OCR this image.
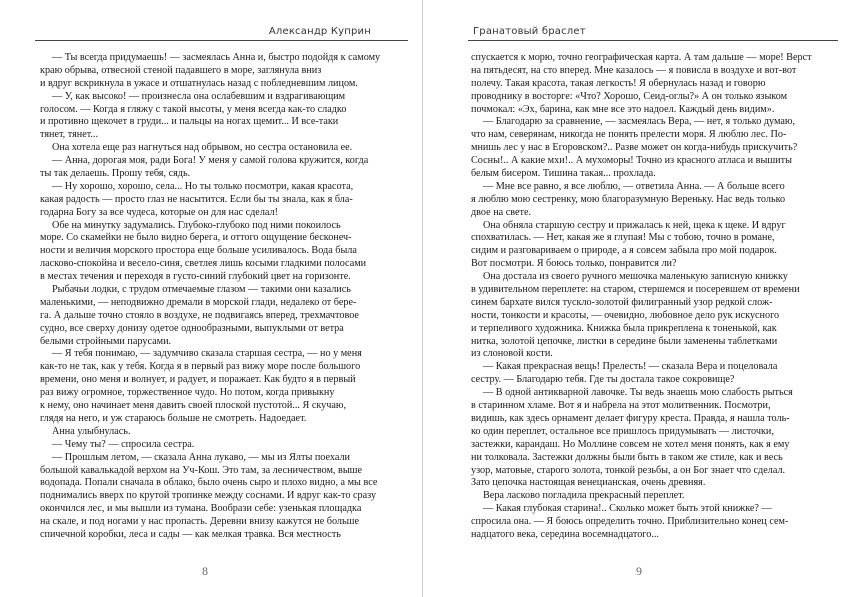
Александр Куприн
— Ты всегда придумаешь! — засмеялась Анна и, быстро подойдя к самому
краю обрыва, отвесной стеной падавшего в море, заглянула вниз
и вдруг вскрикнула в ужасе и отшатнулась назад с побледневшим лицом.
— У, как высоко! — произнесла она ослабевшим и вздрагивающим
голосом. — Когда я гляжу с такой высоты, у меня всегда как-то сладко
и противно щекочет в груди... и пальцы на ногах щемит... И все-таки
тянет, тянет...
Она хотела еще раз нагнуться над обрывом, но сестра остановила ее.
— Анна, дорогая моя, ради Бога! У меня у самой голова кружится, когда
ты так делаешь. Прошу тебя, сядь.
— Ну хорошо, хорошо, села... Но ты только посмотри, какая красота,
какая радость — просто глаз не насытится. Если бы ты знала, как я бла-
годарна Богу за все чудеса, которые он для нас сделал!
Обе на минутку задумались. Глубоко-глубоко под ними покоилось
море. Со скамейки не было видно берега, и оттого ощущение бесконеч-
ности и величия морского простора еще больше усиливалось. Вода была
ласково-спокойна и весело-синя, светлея лишь косыми гладкими полосами
в местах течения и переходя в густо-синий глубокий цвет на горизонте.
Рыбачьи лодки, с трудом отмечаемые глазом — такими они казались
маленькими, — неподвижно дремали в морской глади, недалеко от бере-
га. А дальше точно стояло в воздухе, не подвигаясь вперед, трехмачтовое
судно, все сверху донизу одетое однообразными, выпуклыми от ветра
белыми стройными парусами.
— Я тебя понимаю, — задумчиво сказала старшая сестра, — но у меня
как-то не так, как у тебя. Когда я в первый раз вижу море после большого
времени, оно меня и волнует, и радует, и поражает. Как будто я в первый
раз вижу огромное, торжественное чудо. Но потом, когда привыкну
к нему, оно начинает меня давить своей плоской пустотой... Я скучаю,
глядя на него, и уж стараюсь больше не смотреть. Надоедает.
Анна улыбнулась.
— Чему ты? — спросила сестра.
— Прошлым летом, — сказала Анна лукаво, — мы из Ялты поехали
большой кавалькадой верхом на Уч-Кош. Это там, за лесничеством, выше
водопада. Попали сначала в облако, было очень сыро и плохо видно, а мы все
поднимались вверх по крутой тропинке между соснами. И вдруг как-то сразу
окончился лес, и мы вышли из тумана. Вообрази себе: узенькая площадка
на скале, и под ногами у нас пропасть. Деревни внизу кажутся не больше
спичечной коробки, леса и сады — как мелкая травка. Вся местность
8
Гранатовый браслет
спускается к морю, точно географическая карта. А там дальше — море! Верст
на пятьдесят, на сто вперед. Мне казалось — я повисла в воздухе и вот-вот
полечу. Такая красота, такая легкость! Я обернулась назад и говорю
проводнику в восторге: «Что? Хорошо, Сеид-оглы?» А он только языком
почмокал: «Эх, барина, как мне все это надоел. Каждый день видим».
— Благодарю за сравнение, — засмеялась Вера, — нет, я только думаю,
что нам, северянам, никогда не понять прелести моря. Я люблю лес. По-
мнишь лес у нас в Егоровском?.. Разве может он когда-нибудь прискучить?
Сосны!.. А какие мхи!.. А мухоморы! Точно из красного атласа и вышиты
белым бисером. Тишина такая... прохлада.
— Мне все равно, я все люблю, — ответила Анна. — А больше всего
я люблю мою сестренку, мою благоразумную Вереньку. Нас ведь только
двое на свете.
Она обняла старшую сестру и прижалась к ней, щека к щеке. И вдруг
спохватилась. — Нет, какая же я глупая! Мы с тобою, точно в романе,
сидим и разговариваем о природе, а я совсем забыла про мой подарок.
Вот посмотри. Я боюсь только, понравится ли?
Она достала из своего ручного мешочка маленькую записную книжку
в удивительном переплете: на старом, стершемся и посеревшем от времени
синем бархате вился тускло-золотой филигранный узор редкой слож-
ности, тонкости и красоты, — очевидно, любовное дело рук искусного
и терпеливого художника. Книжка была прикреплена к тоненькой, как
нитка, золотой цепочке, листки в середине были заменены таблетками
из слоновой кости.
— Какая прекрасная вещь! Прелесть! — сказала Вера и поцеловала
сестру. — Благодарю тебя. Где ты достала такое сокровище?
— В одной антикварной лавочке. Ты ведь знаешь мою слабость рыться
в старинном хламе. Вот я и набрела на этот молитвенник. Посмотри,
видишь, как здесь орнамент делает фигуру креста. Правда, я нашла толь-
ко один переплет, остальное все пришлось придумывать — листочки,
застежки, карандаш. Но Моллине совсем не хотел меня понять, как я ему
ни толковала. Застежки должны были быть в таком же стиле, как и весь
узор, матовые, старого золота, тонкой резьбы, а он Бог знает что сделал.
Зато цепочка настоящая венецианская, очень древняя.
Вера ласково погладила прекрасный переплет.
— Какая глубокая старина!.. Сколько может быть этой книжке? —
спросила она. — Я боюсь определить точно. Приблизительно конец сем-
надцатого века, середина восемнадцатого...
9
